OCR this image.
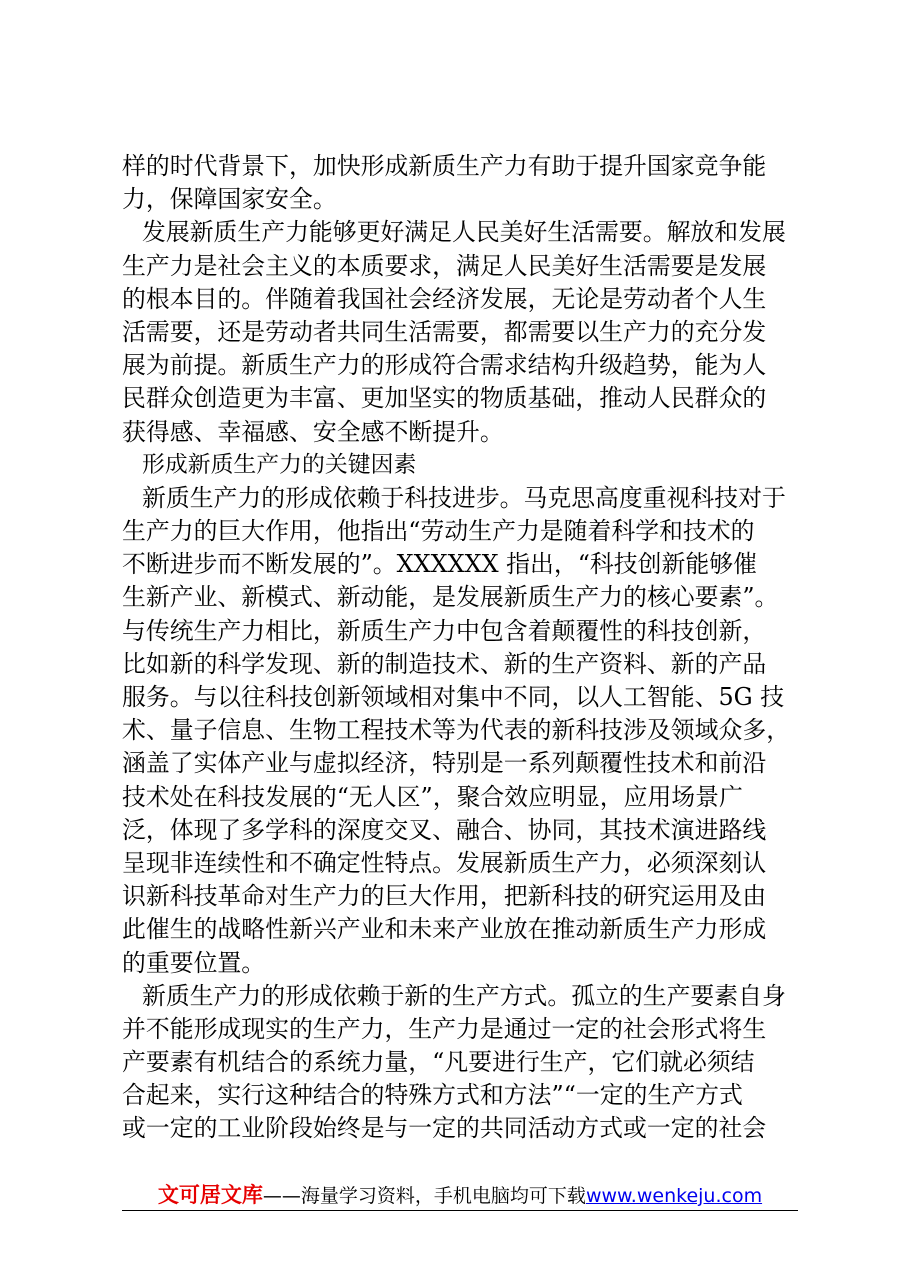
样的时代背景下，加快形成新质生产力有助于提升国家竞争能
力，保障国家安全。
发展新质生产力能够更好满足人民美好生活需要。解放和发展
生产力是社会主义的本质要求，满足人民美好生活需要是发展
的根本目的。伴随着我国社会经济发展，无论是劳动者个人生
活需要，还是劳动者共同生活需要，都需要以生产力的充分发
展为前提。新质生产力的形成符合需求结构升级趋势，能为人
民群众创造更为丰富、更加坚实的物质基础，推动人民群众的
获得感、幸福感、安全感不断提升。
形成新质生产力的关键因素
新质生产力的形成依赖于科技进步。马克思高度重视科技对于
生产力的巨大作用，他指出“劳动生产力是随着科学和技术的
不断进步而不断发展的”。XXXXXX 指出，“科技创新能够催
生新产业、新模式、新动能，是发展新质生产力的核心要素”。
与传统生产力相比，新质生产力中包含着颠覆性的科技创新，
比如新的科学发现、新的制造技术、新的生产资料、新的产品
服务。与以往科技创新领域相对集中不同，以人工智能、5G 技
术、量子信息、生物工程技术等为代表的新科技涉及领域众多，
涵盖了实体产业与虚拟经济，特别是一系列颠覆性技术和前沿
技术处在科技发展的“无人区”，聚合效应明显，应用场景广
泛，体现了多学科的深度交叉、融合、协同，其技术演进路线
呈现非连续性和不确定性特点。发展新质生产力，必须深刻认
识新科技革命对生产力的巨大作用，把新科技的研究运用及由
此催生的战略性新兴产业和未来产业放在推动新质生产力形成
的重要位置。
新质生产力的形成依赖于新的生产方式。孤立的生产要素自身
并不能形成现实的生产力，生产力是通过一定的社会形式将生
产要素有机结合的系统力量，“凡要进行生产，它们就必须结
合起来，实行这种结合的特殊方式和方法”“一定的生产方式
或一定的工业阶段始终是与一定的共同活动方式或一定的社会
文可居文库——海量学习资料，手机电脑均可下载www.wenkeju.com
